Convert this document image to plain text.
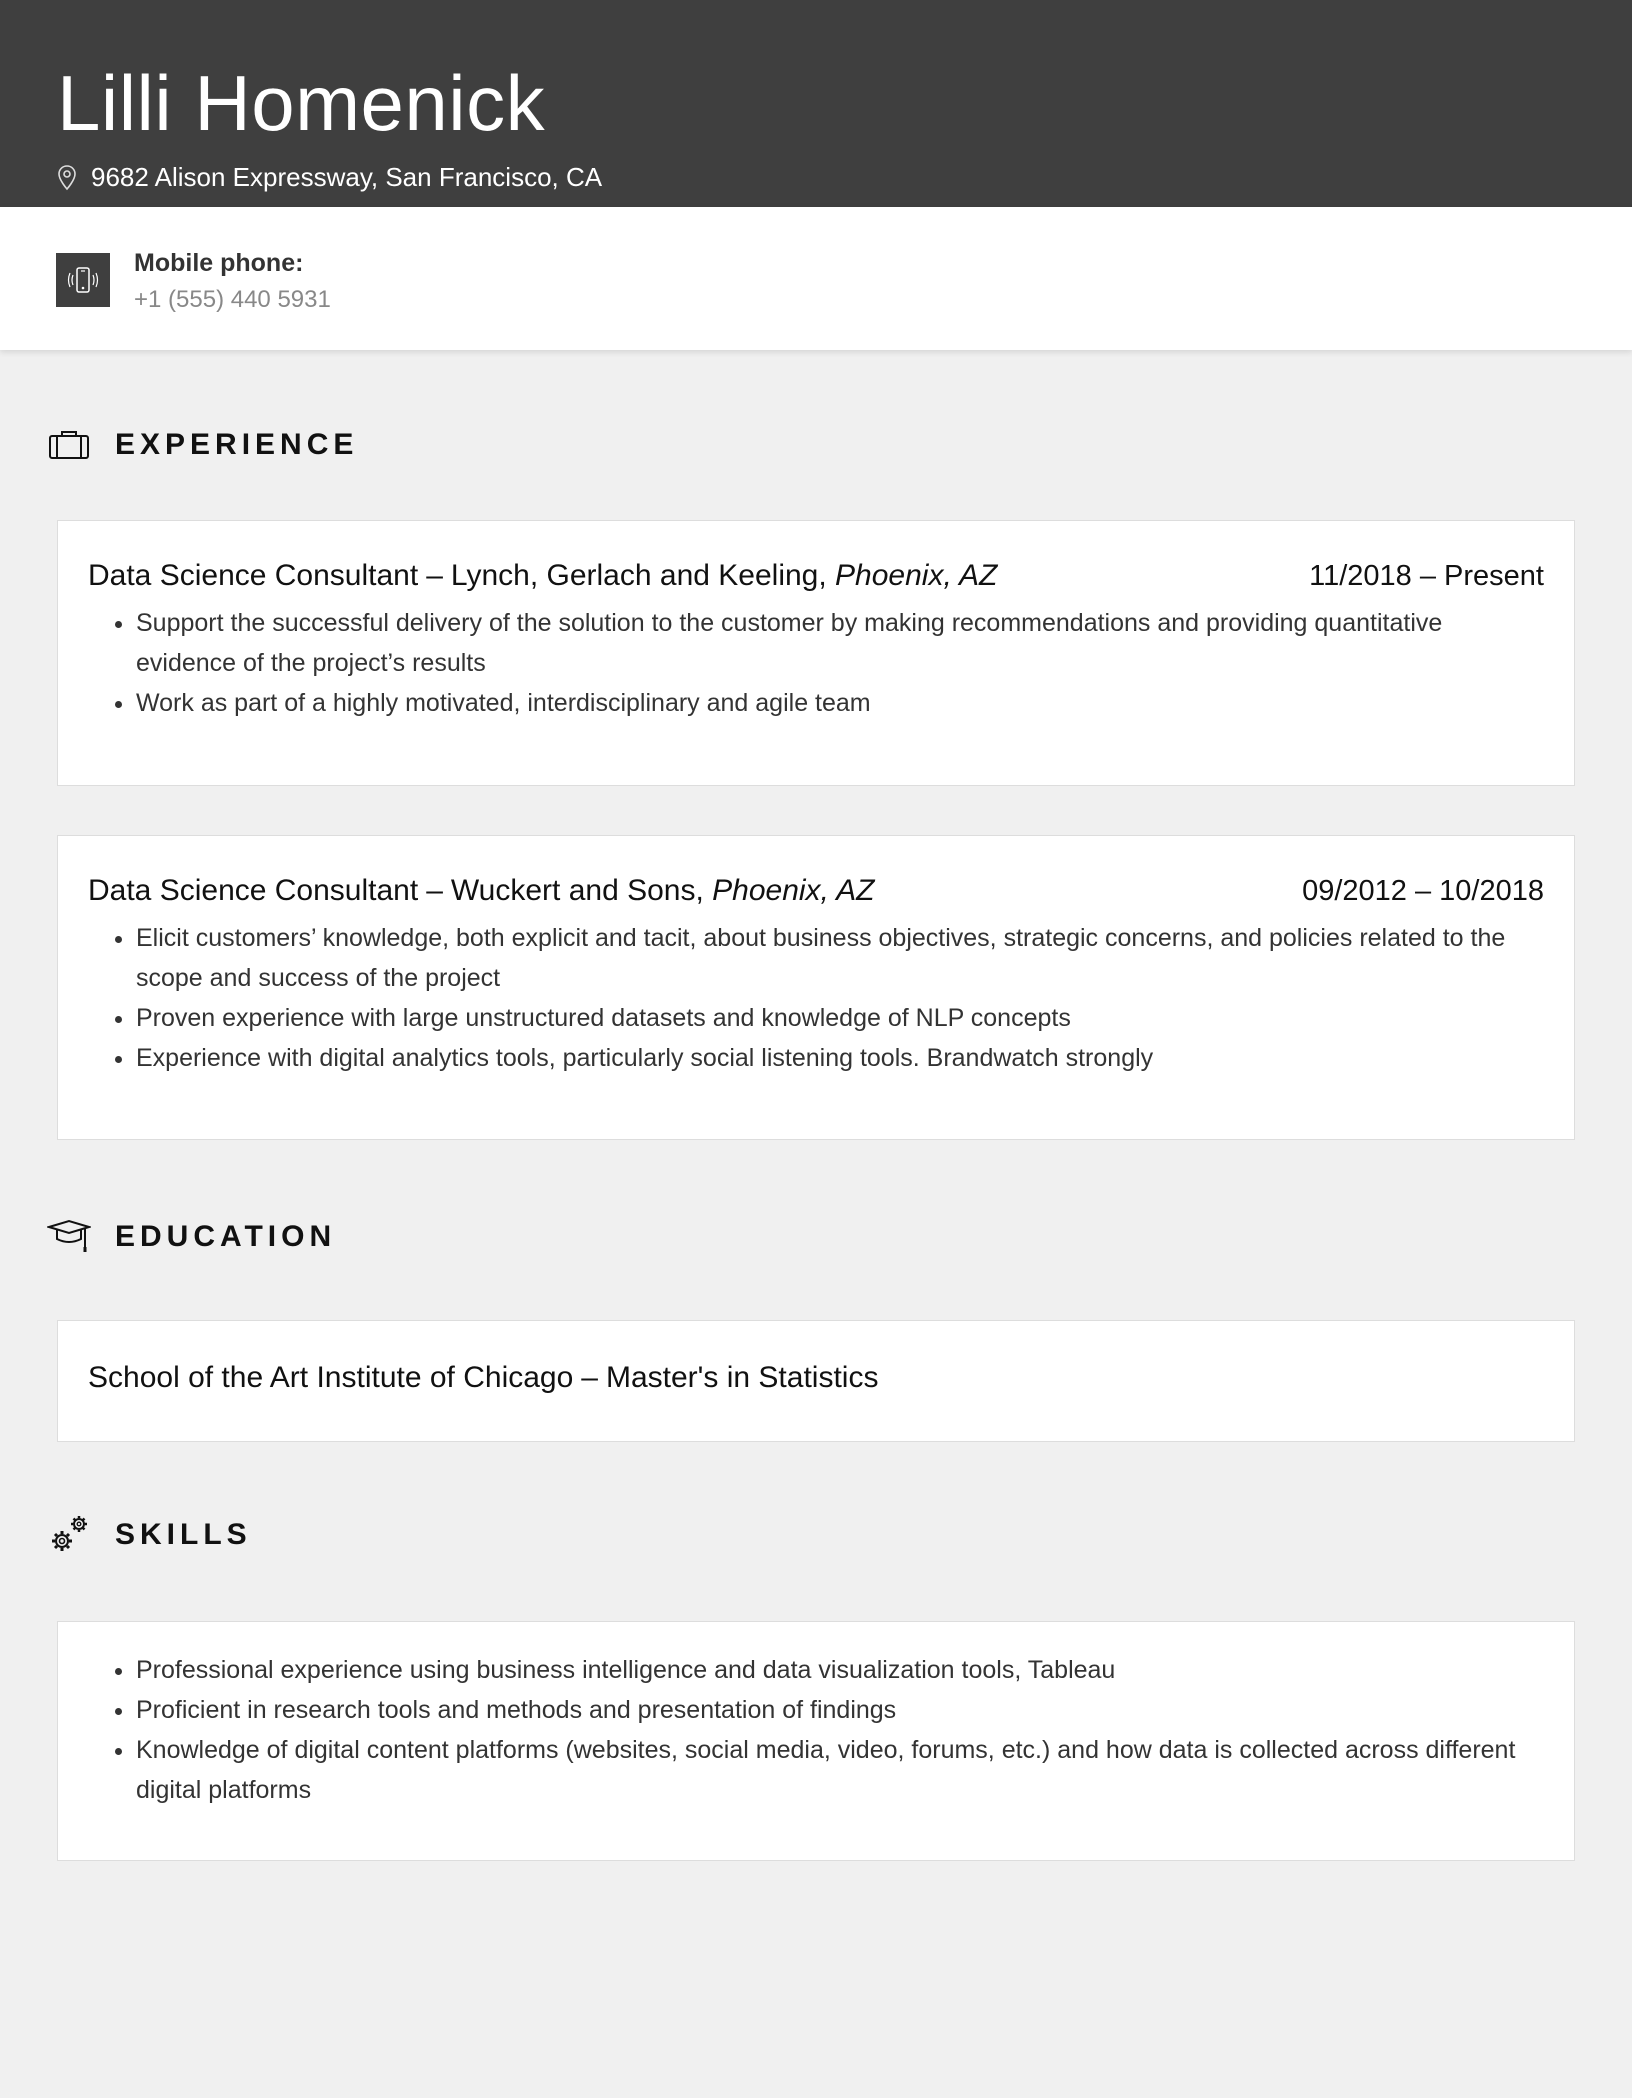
Lilli Homenick
9682 Alison Expressway, San Francisco, CA
Mobile phone:
+1 (555) 440 5931
EXPERIENCE
Data Science Consultant – Lynch, Gerlach and Keeling, Phoenix, AZ	11/2018 – Present
• Support the successful delivery of the solution to the customer by making recommendations and providing quantitative evidence of the project’s results
• Work as part of a highly motivated, interdisciplinary and agile team
Data Science Consultant – Wuckert and Sons, Phoenix, AZ	09/2012 – 10/2018
• Elicit customers’ knowledge, both explicit and tacit, about business objectives, strategic concerns, and policies related to the scope and success of the project
• Proven experience with large unstructured datasets and knowledge of NLP concepts
• Experience with digital analytics tools, particularly social listening tools. Brandwatch strongly
EDUCATION
School of the Art Institute of Chicago – Master's in Statistics
SKILLS
• Professional experience using business intelligence and data visualization tools, Tableau
• Proficient in research tools and methods and presentation of findings
• Knowledge of digital content platforms (websites, social media, video, forums, etc.) and how data is collected across different digital platforms
